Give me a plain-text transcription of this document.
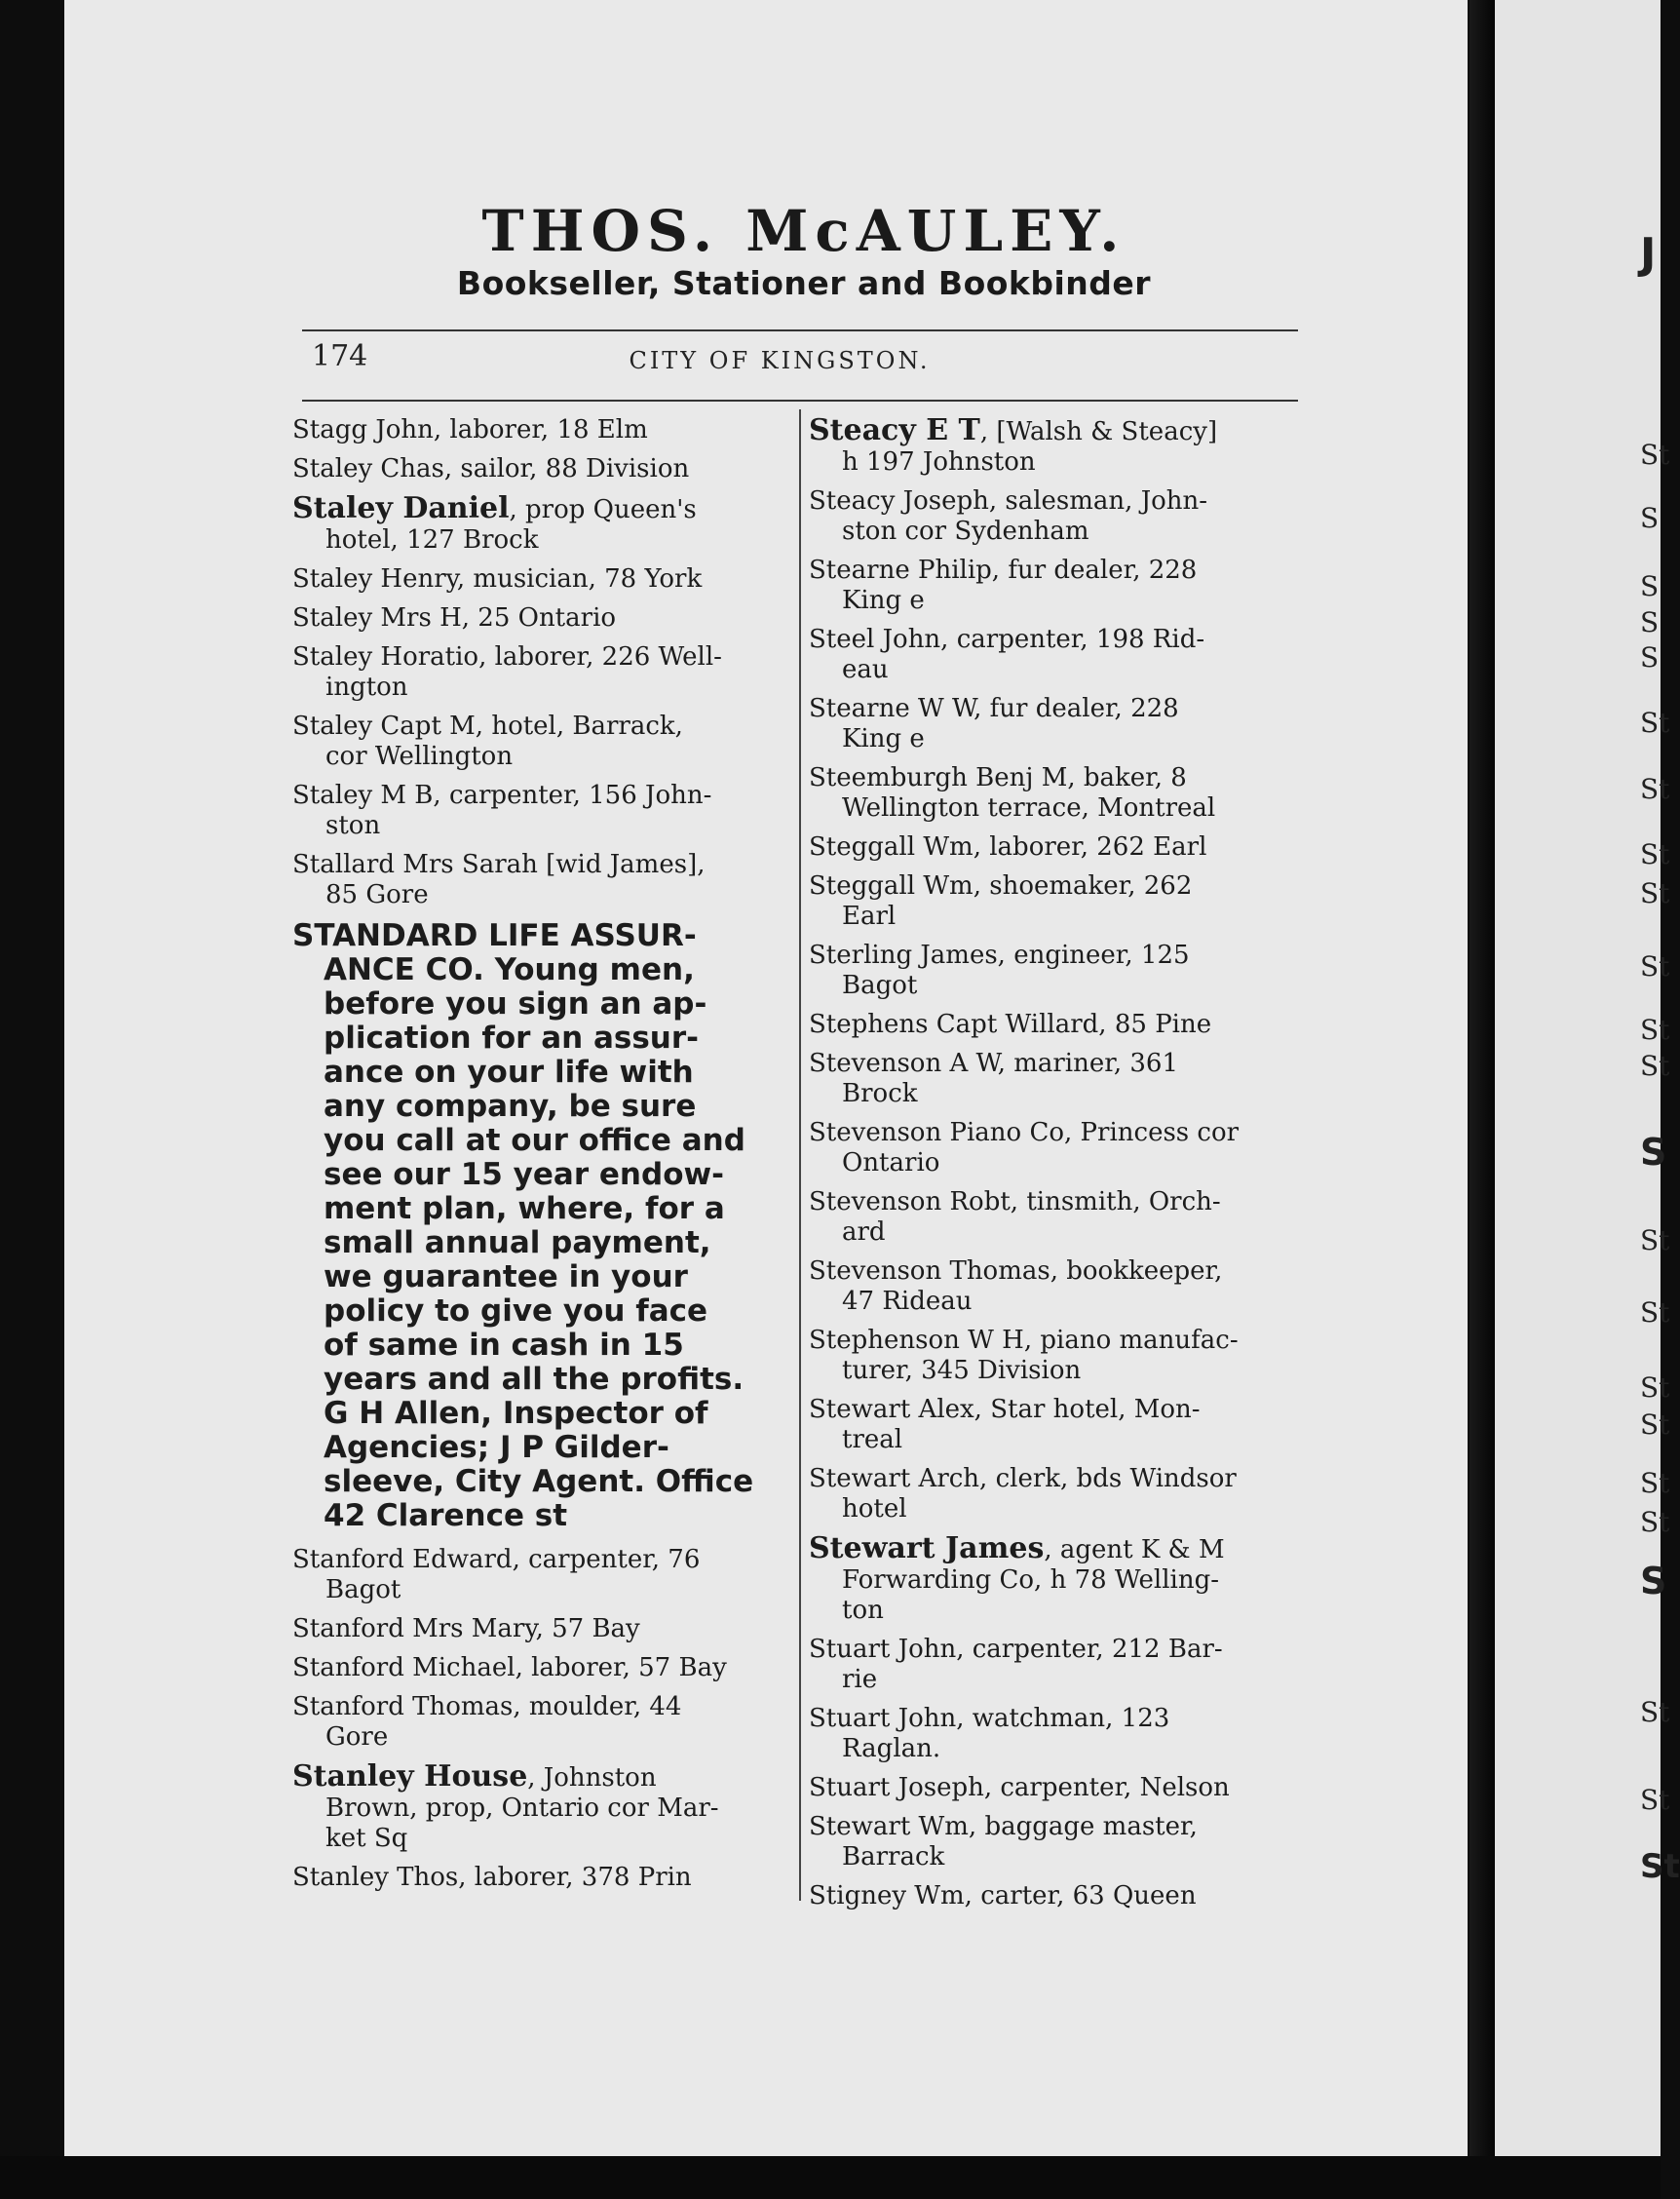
THOS. McAULEY.
Bookseller, Stationer and Bookbinder
174	CITY OF KINGSTON.
Stagg John, laborer, 18 Elm
Staley Chas, sailor, 88 Division
Staley Daniel, prop Queen's
hotel, 127 Brock
Staley Henry, musician, 78 York
Staley Mrs H, 25 Ontario
Staley Horatio, laborer, 226 Well-
ington
Staley Capt M, hotel, Barrack,
cor Wellington
Staley M B, carpenter, 156 John-
ston
Stallard Mrs Sarah [wid James],
85 Gore
STANDARD LIFE ASSUR-
ANCE CO. Young men,
before you sign an ap-
plication for an assur-
ance on your life with
any company, be sure
you call at our office and
see our 15 year endow-
ment plan, where, for a
small annual payment,
we guarantee in your
policy to give you face
of same in cash in 15
years and all the profits.
G H Allen, Inspector of
Agencies; J P Gilder-
sleeve, City Agent. Office
42 Clarence st
Stanford Edward, carpenter, 76
Bagot
Stanford Mrs Mary, 57 Bay
Stanford Michael, laborer, 57 Bay
Stanford Thomas, moulder, 44
Gore
Stanley House, Johnston
Brown, prop, Ontario cor Mar-
ket Sq
Stanley Thos, laborer, 378 Prin
Steacy E T, [Walsh & Steacy]
h 197 Johnston
Steacy Joseph, salesman, John-
ston cor Sydenham
Stearne Philip, fur dealer, 228
King e
Steel John, carpenter, 198 Rid-
eau
Stearne W W, fur dealer, 228
King e
Steemburgh Benj M, baker, 8
Wellington terrace, Montreal
Steggall Wm, laborer, 262 Earl
Steggall Wm, shoemaker, 262
Earl
Sterling James, engineer, 125
Bagot
Stephens Capt Willard, 85 Pine
Stevenson A W, mariner, 361
Brock
Stevenson Piano Co, Princess cor
Ontario
Stevenson Robt, tinsmith, Orch-
ard
Stevenson Thomas, bookkeeper,
47 Rideau
Stephenson W H, piano manufac-
turer, 345 Division
Stewart Alex, Star hotel, Mon-
treal
Stewart Arch, clerk, bds Windsor
hotel
Stewart James, agent K & M
Forwarding Co, h 78 Welling-
ton
Stuart John, carpenter, 212 Bar-
rie
Stuart John, watchman, 123
Raglan.
Stuart Joseph, carpenter, Nelson
Stewart Wm, baggage master,
Barrack
Stigney Wm, carter, 63 Queen
J
St
S
S
S
S
St
St
St
St
St
St
St
S
St
St
St
St
St
St
S
St
St
St
